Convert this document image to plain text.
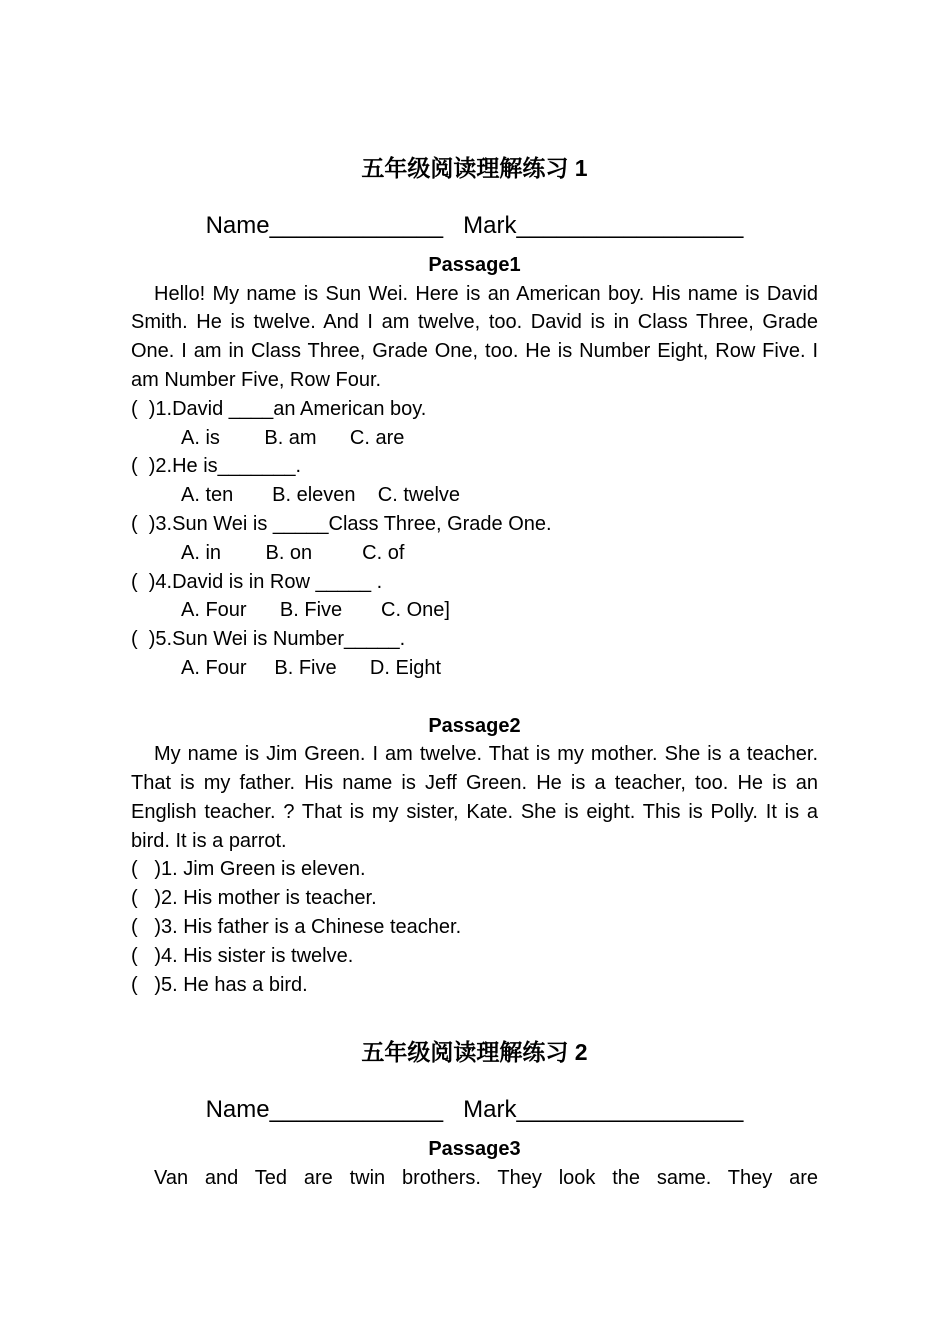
五年级阅读理解练习 1
Name_____________   Mark_________________
Passage1

Hello! My name is Sun Wei. Here is an American boy. His name is David Smith. He is twelve. And I am twelve, too. David is in Class Three, Grade One. I am in Class Three, Grade One, too. He is Number Eight, Row Five. I am Number Five, Row Four.

(  )1.David ____an American boy.
A. is        B. am      C. are
(  )2.He is_______.
A. ten       B. eleven    C. twelve
(  )3.Sun Wei is _____Class Three, Grade One.
A. in        B. on         C. of
(  )4.David is in Row _____ .
A. Four      B. Five       C. One]
(  )5.Sun Wei is Number_____.
A. Four     B. Five      D. Eight
Passage2

My name is Jim Green. I am twelve. That is my mother. She is a teacher. That is my father. His name is Jeff Green. He is a teacher, too. He is an English teacher. ? That is my sister, Kate. She is eight. This is Polly. It is a bird. It is a parrot.

(   )1. Jim Green is eleven.
(   )2. His mother is teacher.
(   )3. His father is a Chinese teacher.
(   )4. His sister is twelve.
(   )5. He has a bird.
五年级阅读理解练习 2
Name_____________   Mark_________________
Passage3

Van and Ted are twin brothers. They look the same. They are
